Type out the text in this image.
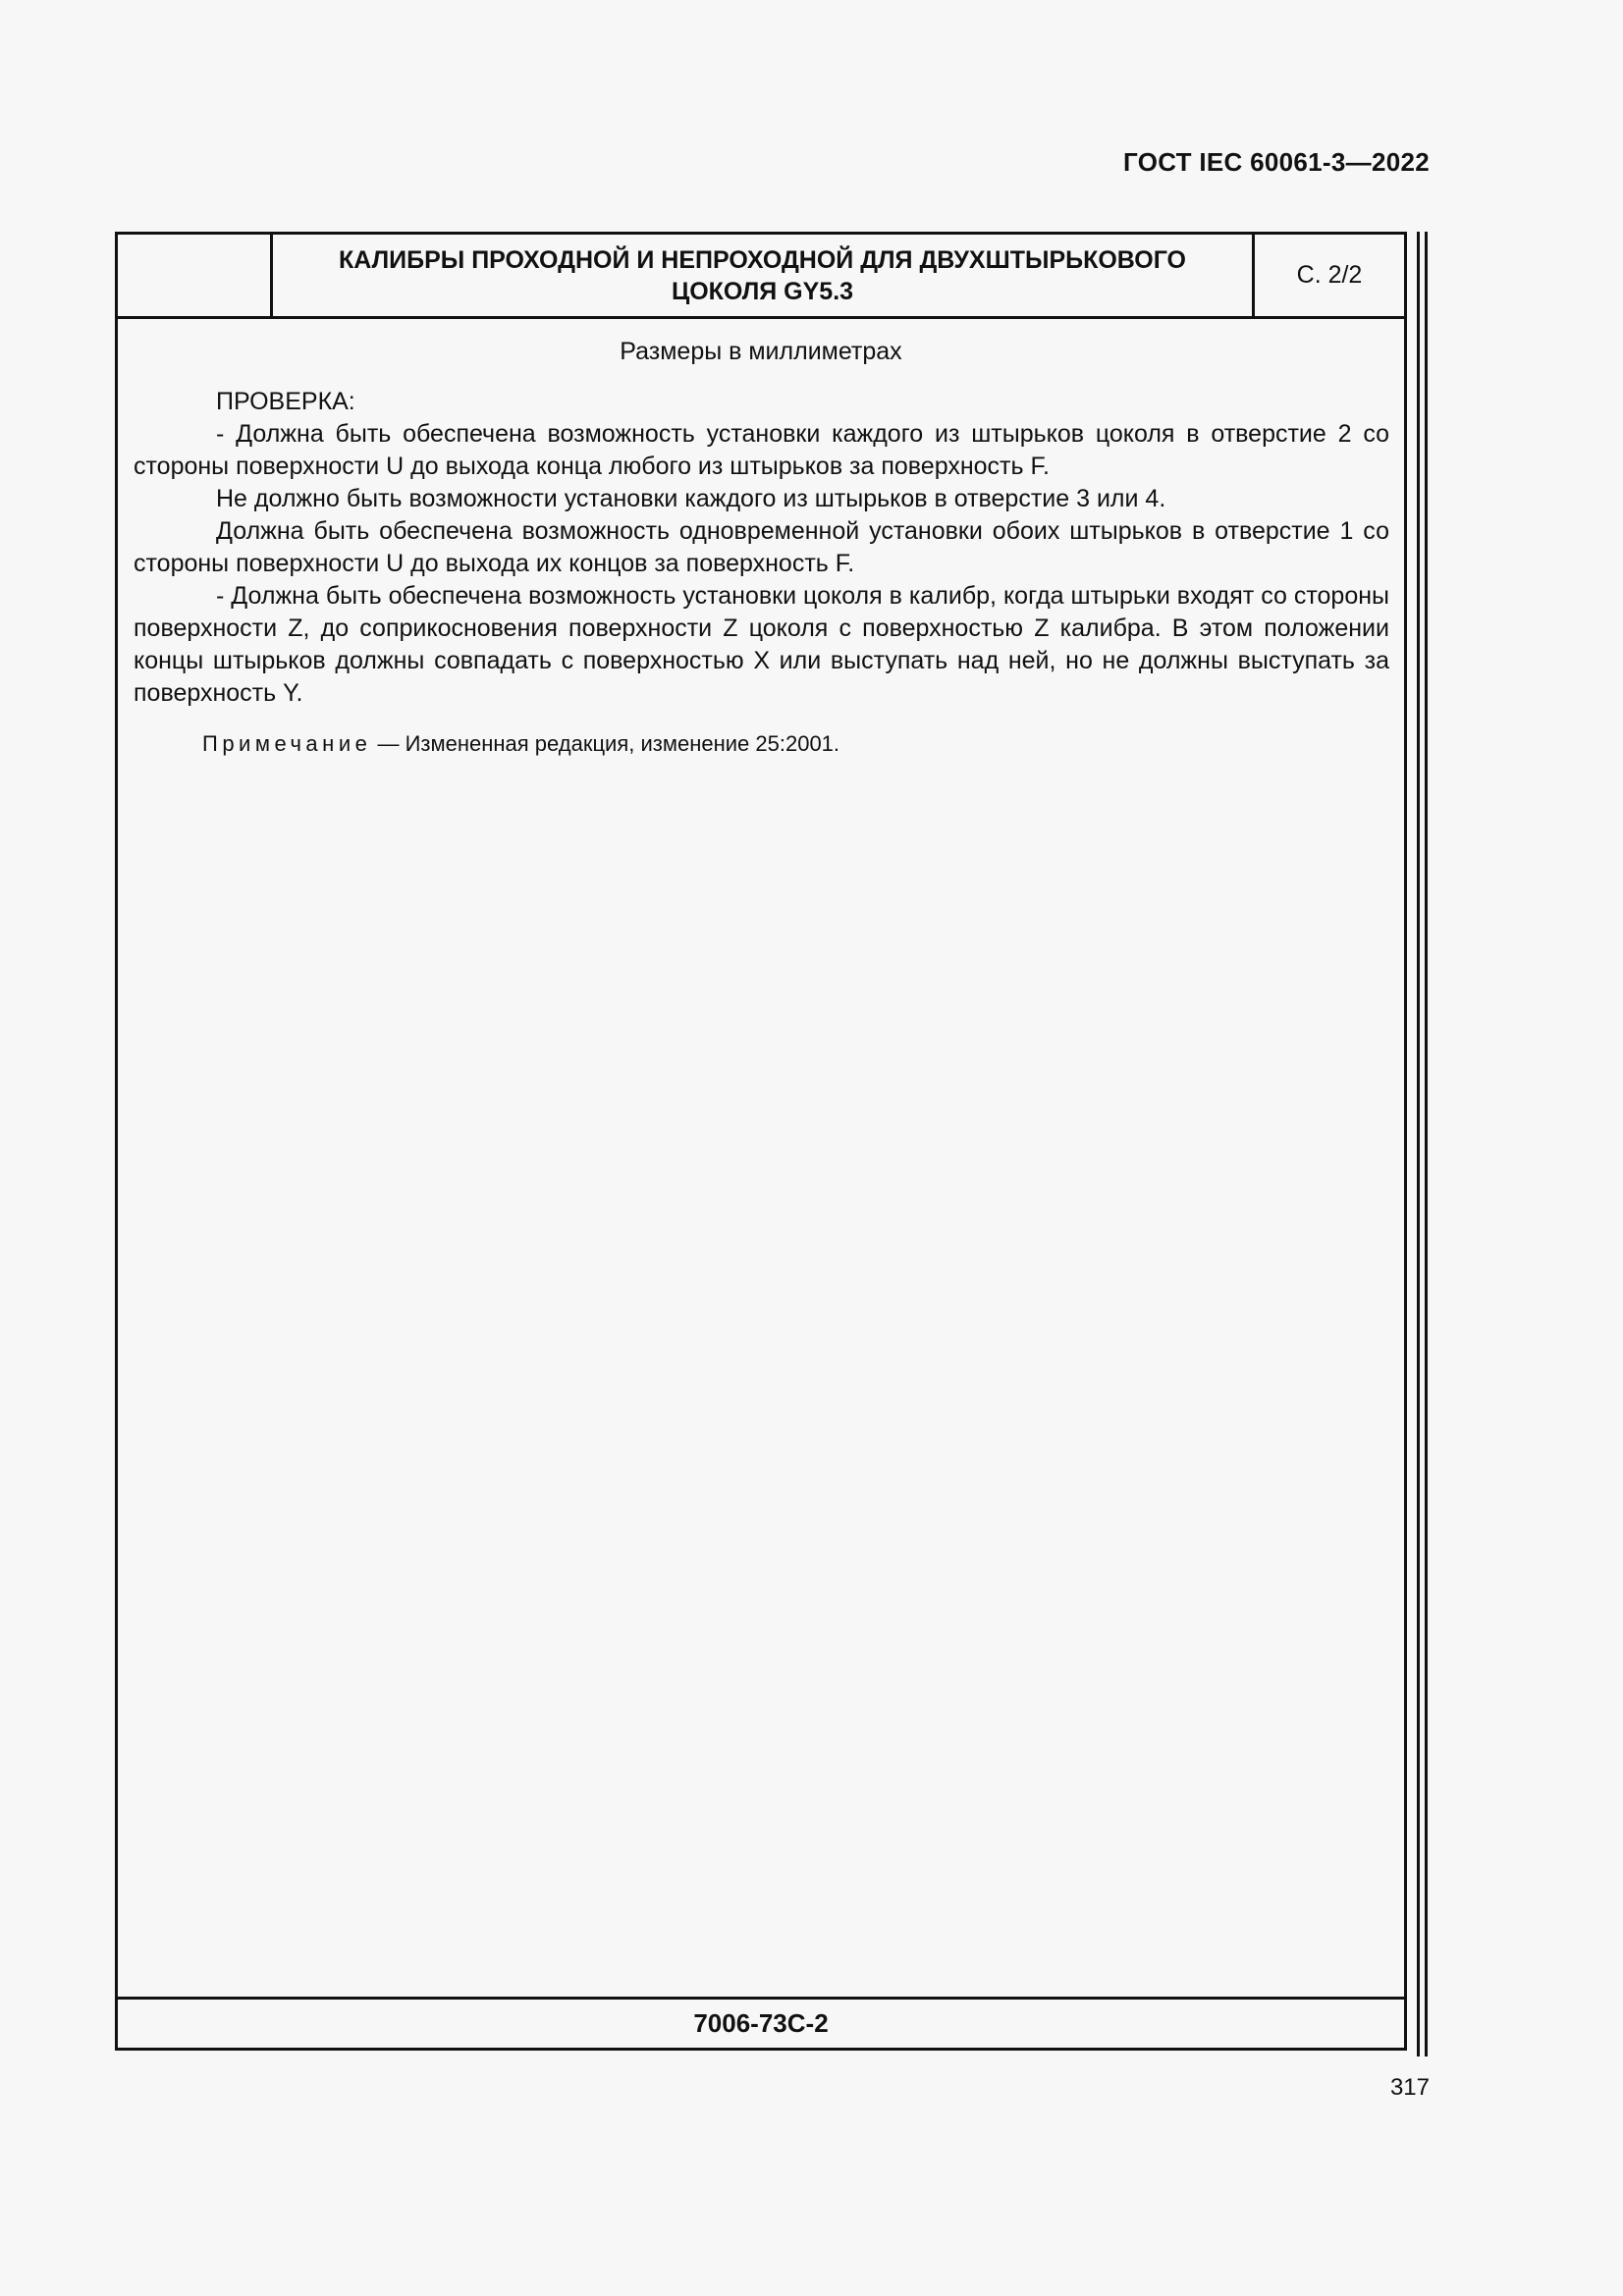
ГОСТ IEC 60061-3—2022
КАЛИБРЫ ПРОХОДНОЙ И НЕПРОХОДНОЙ ДЛЯ ДВУХШТЫРЬКОВОГО
ЦОКОЛЯ GY5.3
С. 2/2
Размеры в миллиметрах

ПРОВЕРКА:

- Должна быть обеспечена возможность установки каждого из штырьков цоколя в отверстие 2 со стороны поверхности U до выхода конца любого из штырьков за поверхность F.

Не должно быть возможности установки каждого из штырьков в отверстие 3 или 4.

Должна быть обеспечена возможность одновременной установки обоих штырьков в отверстие 1 со стороны поверхности U до выхода их концов за поверхность F.

- Должна быть обеспечена возможность установки цоколя в калибр, когда штырьки входят со стороны поверхности Z, до соприкосновения поверхности Z цоколя с поверхностью Z калибра. В этом положении концы штырьков должны совпадать с поверхностью X или выступать над ней, но не должны выступать за поверхность Y.

Примечание — Измененная редакция, изменение 25:2001.
7006-73С-2
317
